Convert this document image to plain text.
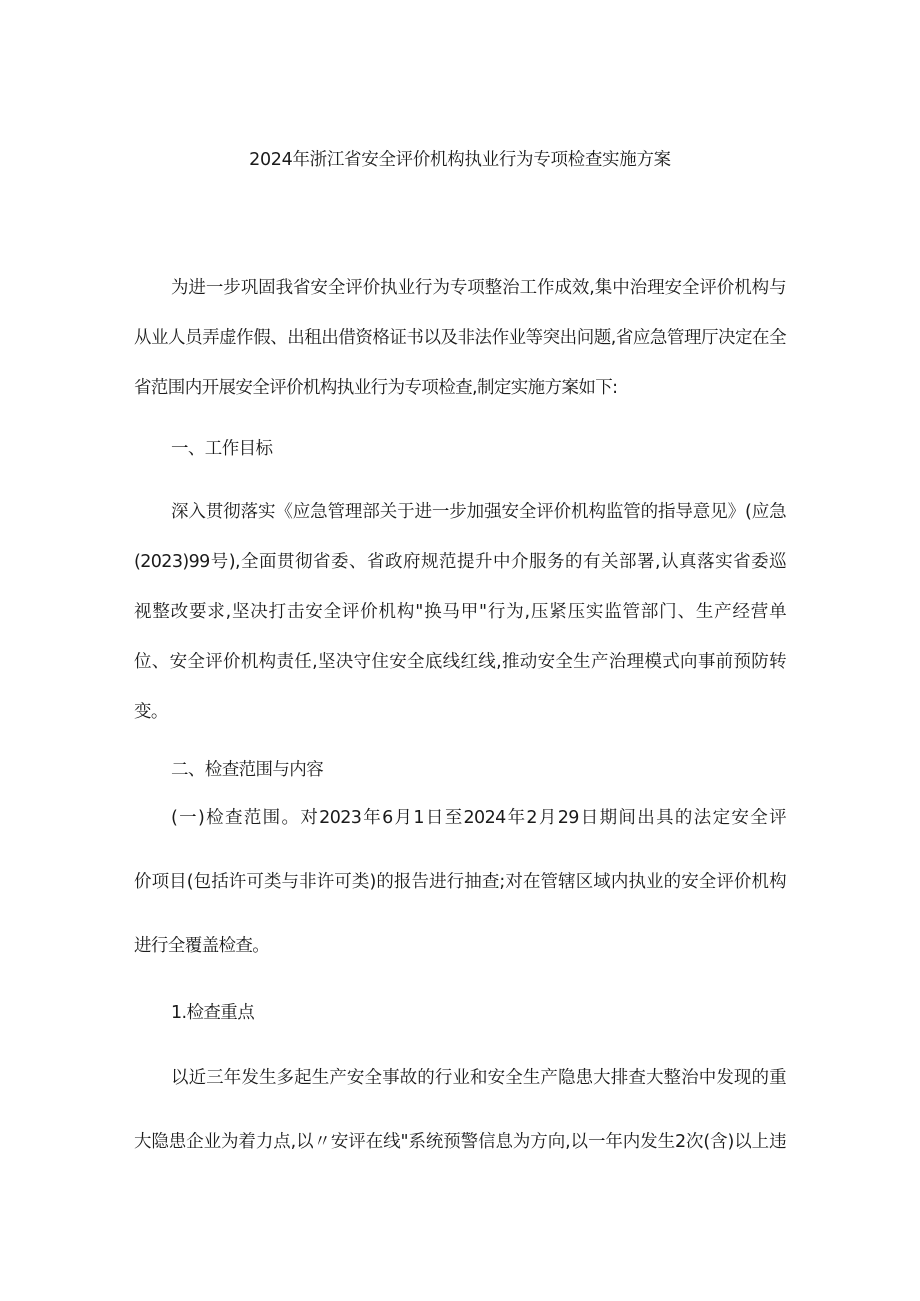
2024年浙江省安全评价机构执业行为专项检查实施方案
为进一步巩固我省安全评价执业行为专项整治工作成效,集中治理安全评价机构与
从业人员弄虚作假、出租出借资格证书以及非法作业等突出问题,省应急管理厅决定在全
省范围内开展安全评价机构执业行为专项检查,制定实施方案如下:
一、工作目标
深入贯彻落实《应急管理部关于进一步加强安全评价机构监管的指导意见》(应急
(2023)99号),全面贯彻省委、省政府规范提升中介服务的有关部署,认真落实省委巡
视整改要求,坚决打击安全评价机构"换马甲"行为,压紧压实监管部门、生产经营单
位、安全评价机构责任,坚决守住安全底线红线,推动安全生产治理模式向事前预防转
变。
二、检查范围与内容
(一)检查范围。对2023年6月1日至2024年2月29日期间出具的法定安全评
价项目(包括许可类与非许可类)的报告进行抽查;对在管辖区域内执业的安全评价机构
进行全覆盖检查。
1.检查重点
以近三年发生多起生产安全事故的行业和安全生产隐患大排查大整治中发现的重
大隐患企业为着力点,以〃安评在线"系统预警信息为方向,以一年内发生2次(含)以上违
